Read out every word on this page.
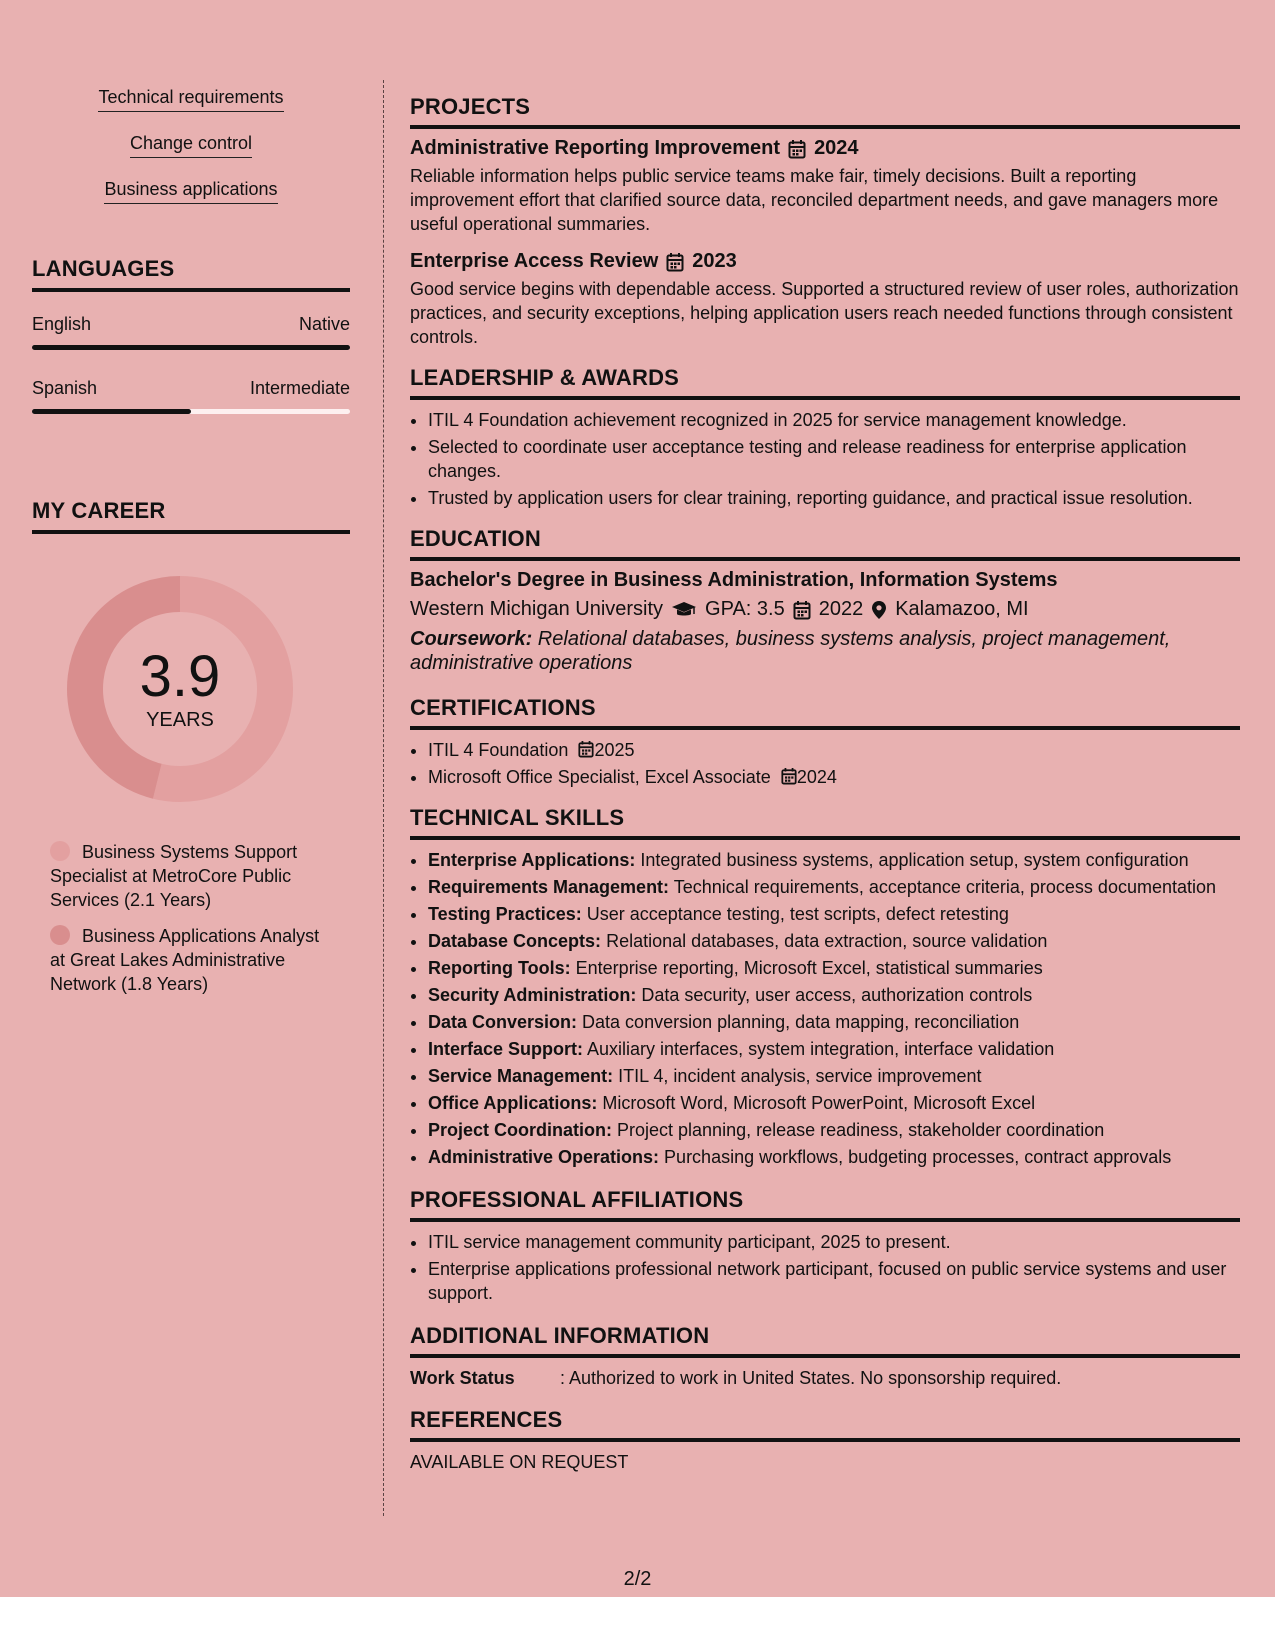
Technical requirements
Change control
Business applications
LANGUAGES
English	Native
Spanish	Intermediate
MY CAREER
3.9
YEARS
Business Systems Support Specialist at MetroCore Public Services (2.1 Years)
Business Applications Analyst at Great Lakes Administrative Network (1.8 Years)
PROJECTS
Administrative Reporting Improvement 2024
Reliable information helps public service teams make fair, timely decisions. Built a reporting improvement effort that clarified source data, reconciled department needs, and gave managers more useful operational summaries.
Enterprise Access Review 2023
Good service begins with dependable access. Supported a structured review of user roles, authorization practices, and security exceptions, helping application users reach needed functions through consistent controls.
LEADERSHIP & AWARDS
• ITIL 4 Foundation achievement recognized in 2025 for service management knowledge.
• Selected to coordinate user acceptance testing and release readiness for enterprise application changes.
• Trusted by application users for clear training, reporting guidance, and practical issue resolution.
EDUCATION
Bachelor's Degree in Business Administration, Information Systems
Western Michigan University GPA: 3.5 2022 Kalamazoo, MI
Coursework: Relational databases, business systems analysis, project management, administrative operations
CERTIFICATIONS
• ITIL 4 Foundation 2025
• Microsoft Office Specialist, Excel Associate 2024
TECHNICAL SKILLS
• Enterprise Applications: Integrated business systems, application setup, system configuration
• Requirements Management: Technical requirements, acceptance criteria, process documentation
• Testing Practices: User acceptance testing, test scripts, defect retesting
• Database Concepts: Relational databases, data extraction, source validation
• Reporting Tools: Enterprise reporting, Microsoft Excel, statistical summaries
• Security Administration: Data security, user access, authorization controls
• Data Conversion: Data conversion planning, data mapping, reconciliation
• Interface Support: Auxiliary interfaces, system integration, interface validation
• Service Management: ITIL 4, incident analysis, service improvement
• Office Applications: Microsoft Word, Microsoft PowerPoint, Microsoft Excel
• Project Coordination: Project planning, release readiness, stakeholder coordination
• Administrative Operations: Purchasing workflows, budgeting processes, contract approvals
PROFESSIONAL AFFILIATIONS
• ITIL service management community participant, 2025 to present.
• Enterprise applications professional network participant, focused on public service systems and user support.
ADDITIONAL INFORMATION
Work Status	: Authorized to work in United States. No sponsorship required.
REFERENCES
AVAILABLE ON REQUEST
2/2
